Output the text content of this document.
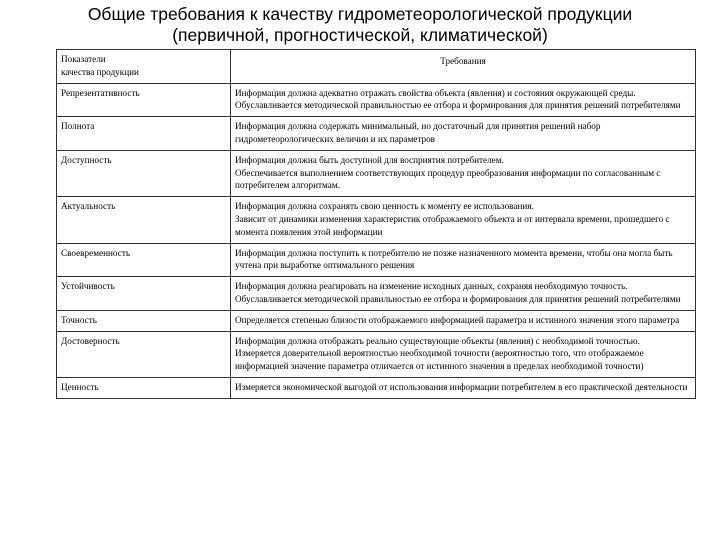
Общие требования к качеству гидрометеорологической продукции
(первичной, прогностической, климатической)
Показатели
качества продукции	Требования
Репрезентативность	Информация должна адекватно отражать свойства объекта (явления) и состояния окружающей среды.
Обуславливается методической правильностью ее отбора и формирования для принятия решений потребителями

Полнота	Информация должна содержать минимальный, но достаточный для принятия решений набор гидрометеорологических величин и их параметров

Доступность	Информация должна быть доступной для восприятия потребителем.
Обеспечивается выполнением соответствующих процедур преобразования информации по согласованным с потребителем алгоритмам.

Актуальность	Информация должна сохранять свою ценность к моменту ее использования.
Зависит от динамики изменения характеристик отображаемого объекта и от интервала времени, прошедшего с момента появления этой информации

Своевременность	Информация должна поступить к потребителю не позже назначенного момента времени, чтобы она могла быть учтена при выработке оптимального решения

Устойчивость	Информация должна реагировать на изменение исходных данных, сохраняя необходимую точность. Обуславливается методической правильностью ее отбора и формирования для принятия решений потребителями

Точность	Определяется степенью близости отображаемого информацией параметра и истинного значения этого параметра

Достоверность	Информация должна отображать реально существующие объекты (явления) с необходимой точностью.
Измеряется доверительной вероятностью необходимой точности (вероятностью того, что отображаемое информацией значение параметра отличается от истинного значения в пределах необходимой точности)

Ценность	Измеряется экономической выгодой от использования информации потребителем в его практической деятельности
